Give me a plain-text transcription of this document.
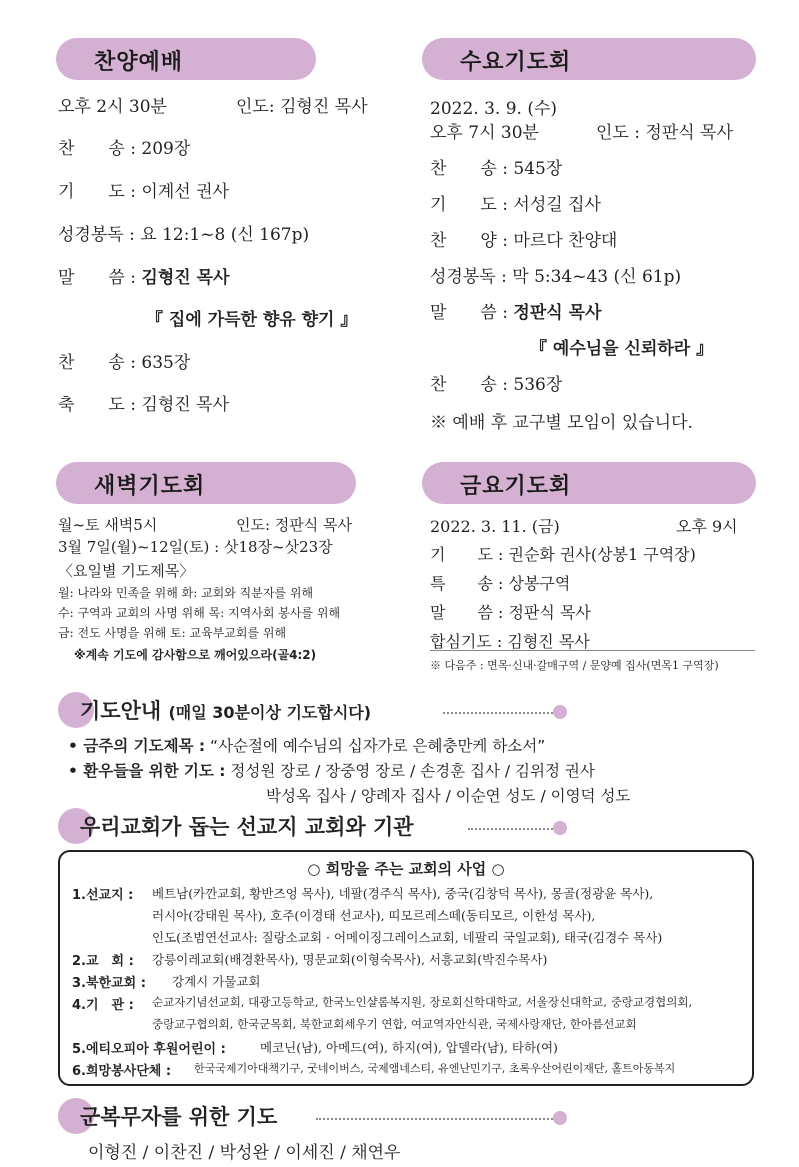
찬양예배
오후 2시 30분	인도: 김형진 목사
찬　　송 : 209장
기　　도 : 이계선 권사
성경봉독 : 요 12:1~8 (신 167p)
말　　씀 : 김형진 목사
『 집에 가득한 향유 향기 』
찬　　송 : 635장
축　　도 : 김형진 목사
수요기도회
2022. 3. 9. (수)
오후 7시 30분	인도 : 정판식 목사
찬　　송 : 545장
기　　도 : 서성길 집사
찬　　양 : 마르다 찬양대
성경봉독 : 막 5:34~43 (신 61p)
말　　씀 : 정판식 목사
『 예수님을 신뢰하라 』
찬　　송 : 536장
※ 예배 후 교구별 모임이 있습니다.
새벽기도회
월~토 새벽5시	인도: 정판식 목사
3월 7일(월)~12일(토) : 삿18장~삿23장
〈요일별 기도제목〉
월: 나라와 민족을 위해 화: 교회와 직분자를 위해
수: 구역과 교회의 사명 위해 목: 지역사회 봉사를 위해
금: 전도 사명을 위해 토: 교육부교회를 위해
※계속 기도에 감사함으로 깨어있으라(골4:2)
금요기도회
2022. 3. 11. (금)	오후 9시
기　　도 : 권순화 권사(상봉1 구역장)
특　　송 : 상봉구역
말　　씀 : 정판식 목사
합심기도 : 김형진 목사
※ 다음주 : 면목·신내·갈매구역 / 문양예 집사(면목1 구역장)
기도안내 (매일 30분이상 기도합시다)
• 금주의 기도제목 : “사순절에 예수님의 십자가로 은혜충만케 하소서”
• 환우들을 위한 기도 : 정성원 장로 / 장중영 장로 / 손경훈 집사 / 김위정 권사
박성옥 집사 / 양례자 집사 / 이순연 성도 / 이영덕 성도
우리교회가 돕는 선교지 교회와 기관
○ 희망을 주는 교회의 사업 ○
1.선교지 : 베트남(카깐교회, 황반즈엉 목사), 네팔(경주식 목사), 중국(김창덕 목사), 몽골(정광윤 목사),
러시아(강태원 목사), 호주(이경태 선교사), 띠모르레스떼(동티모르, 이한성 목사),
인도(조범연선교사: 질랑소교회 · 어메이징그레이스교회, 네팔리 국일교회), 태국(김경수 목사)
2.교　회 : 강릉이레교회(배경환목사), 명문교회(이형숙목사), 서흥교회(박진수목사)
3.북한교회 : 강계시 가물교회
4.기　관 : 순교자기념선교회, 대광고등학교, 한국노인샬롬복지원, 장로회신학대학교, 서울장신대학교, 중랑교경협의회,
중랑교구협의회, 한국군목회, 북한교회세우기 연합, 여교역자안식관, 국제사랑재단, 한아름선교회
5.에티오피아 후원어린이 :	메코닌(남), 아메드(여), 하지(여), 압델라(남), 타하(여)
6.희망봉사단체 : 한국국제기아대책기구, 굿네이버스, 국제앰네스티, 유엔난민기구, 초록우산어린이재단, 홀트아동복지
군복무자를 위한 기도
이형진 / 이찬진 / 박성완 / 이세진 / 채연우
